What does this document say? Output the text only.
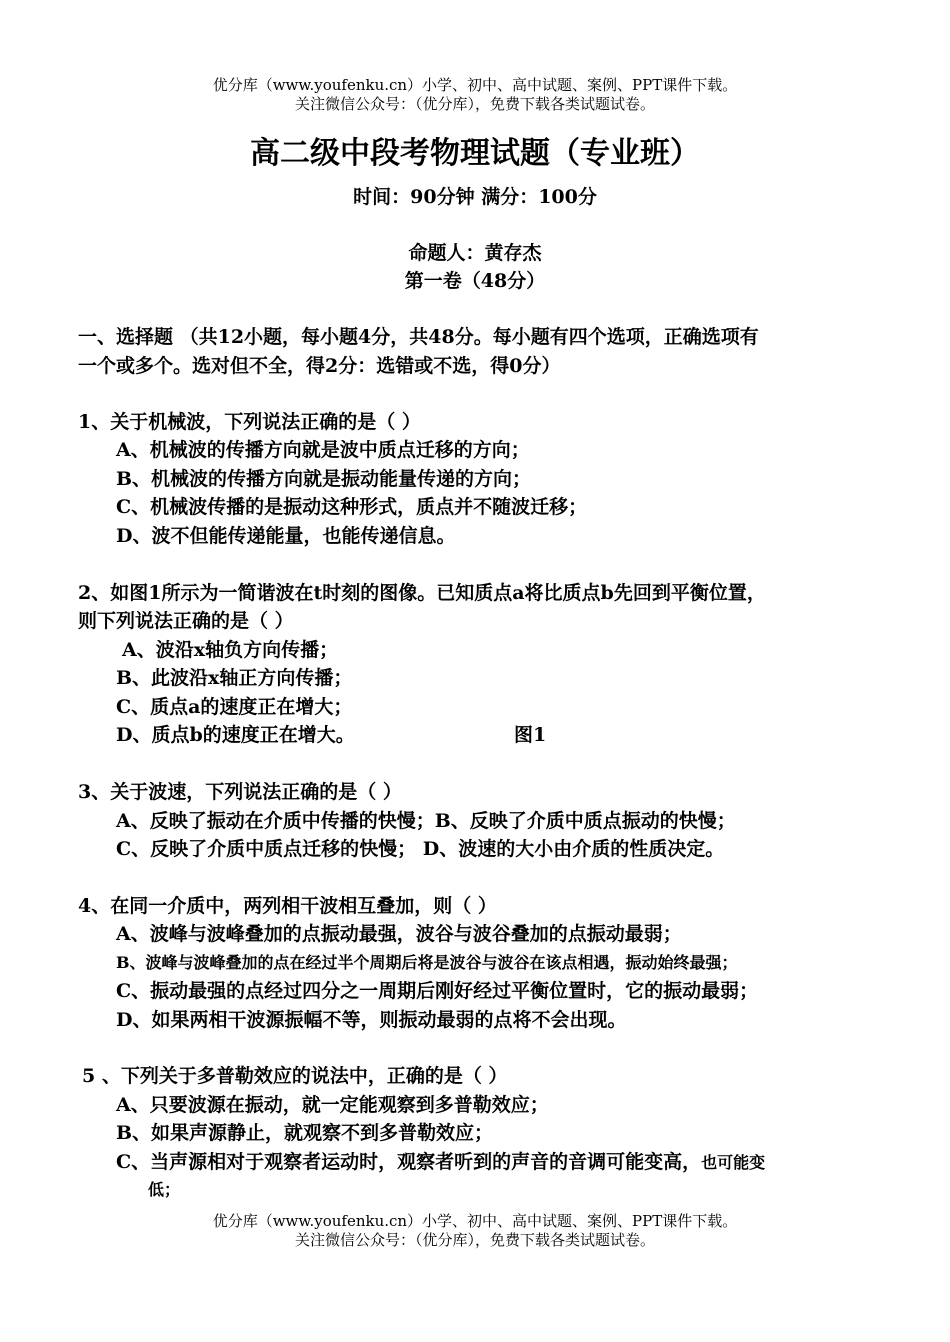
优分库（www.youfenku.cn）小学、初中、高中试题、案例、PPT课件下载。
关注微信公众号：（优分库），免费下载各类试题试卷。
高二级中段考物理试题（专业班）
时间：90分钟 满分：100分
命题人：黄存杰
第一卷（48分）
一、选择题 （共12小题，每小题4分，共48分。每小题有四个选项，正确选项有
一个或多个。选对但不全，得2分：选错或不选，得0分）
1、关于机械波，下列说法正确的是（ ）
A、机械波的传播方向就是波中质点迁移的方向；
B、机械波的传播方向就是振动能量传递的方向；
C、机械波传播的是振动这种形式，质点并不随波迁移；
D、波不但能传递能量，也能传递信息。
2、如图1所示为一简谐波在t时刻的图像。已知质点a将比质点b先回到平衡位置，
则下列说法正确的是（ ）
A、波沿x轴负方向传播；
B、此波沿x轴正方向传播；
C、质点a的速度正在增大；
D、质点b的速度正在增大。	图1
3、关于波速，下列说法正确的是（ ）
A、反映了振动在介质中传播的快慢；B、反映了介质中质点振动的快慢；
C、反映了介质中质点迁移的快慢； D、波速的大小由介质的性质决定。
4、在同一介质中，两列相干波相互叠加，则（ ）
A、波峰与波峰叠加的点振动最强，波谷与波谷叠加的点振动最弱；
B、波峰与波峰叠加的点在经过半个周期后将是波谷与波谷在该点相遇，振动始终最强；
C、振动最强的点经过四分之一周期后刚好经过平衡位置时，它的振动最弱；
D、如果两相干波源振幅不等，则振动最弱的点将不会出现。
5 、下列关于多普勒效应的说法中，正确的是（ ）
A、只要波源在振动，就一定能观察到多普勒效应；
B、如果声源静止，就观察不到多普勒效应；
C、当声源相对于观察者运动时，观察者听到的声音的音调可能变高，也可能变
低；
优分库（www.youfenku.cn）小学、初中、高中试题、案例、PPT课件下载。
关注微信公众号：（优分库），免费下载各类试题试卷。
